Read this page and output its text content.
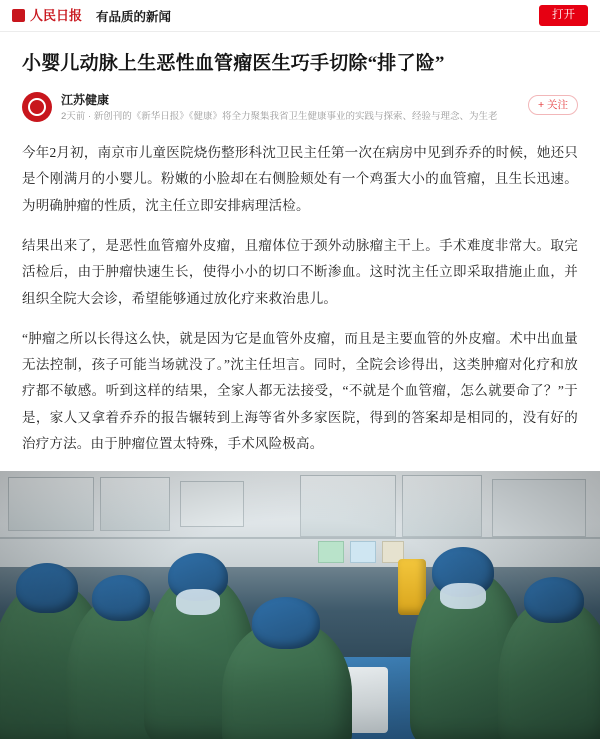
人民日报 有品质的新闻	打开
小婴儿动脉上生恶性血管瘤医生巧手切除“排了险”
江苏健康
2天前 · 新创刊的《新华日报》《健康》将全力聚集我省卫生健康事业的实践与探索、经验与理念、为生老
+ 关注

今年2月初，南京市儿童医院烧伤整形科沈卫民主任第一次在病房中见到乔乔的时候，她还只是个刚满月的小婴儿。粉嫩的小脸却在右侧脸颊处有一个鸡蛋大小的血管瘤，且生长迅速。为明确肿瘤的性质，沈主任立即安排病理活检。

结果出来了，是恶性血管瘤外皮瘤，且瘤体位于颈外动脉瘤主干上。手术难度非常大。取完活检后，由于肿瘤快速生长，使得小小的切口不断渗血。这时沈主任立即采取措施止血，并组织全院大会诊，希望能够通过放化疗来救治患儿。

“肿瘤之所以长得这么快，就是因为它是血管外皮瘤，而且是主要血管的外皮瘤。术中出血量无法控制，孩子可能当场就没了。”沈主任坦言。同时，全院会诊得出，这类肿瘤对化疗和放疗都不敏感。听到这样的结果，全家人都无法接受，“不就是个血管瘤，怎么就要命了？”于是，家人又拿着乔乔的报告辗转到上海等省外多家医院，得到的答案却是相同的，没有好的治疗方法。由于肿瘤位置太特殊，手术风险极高。
